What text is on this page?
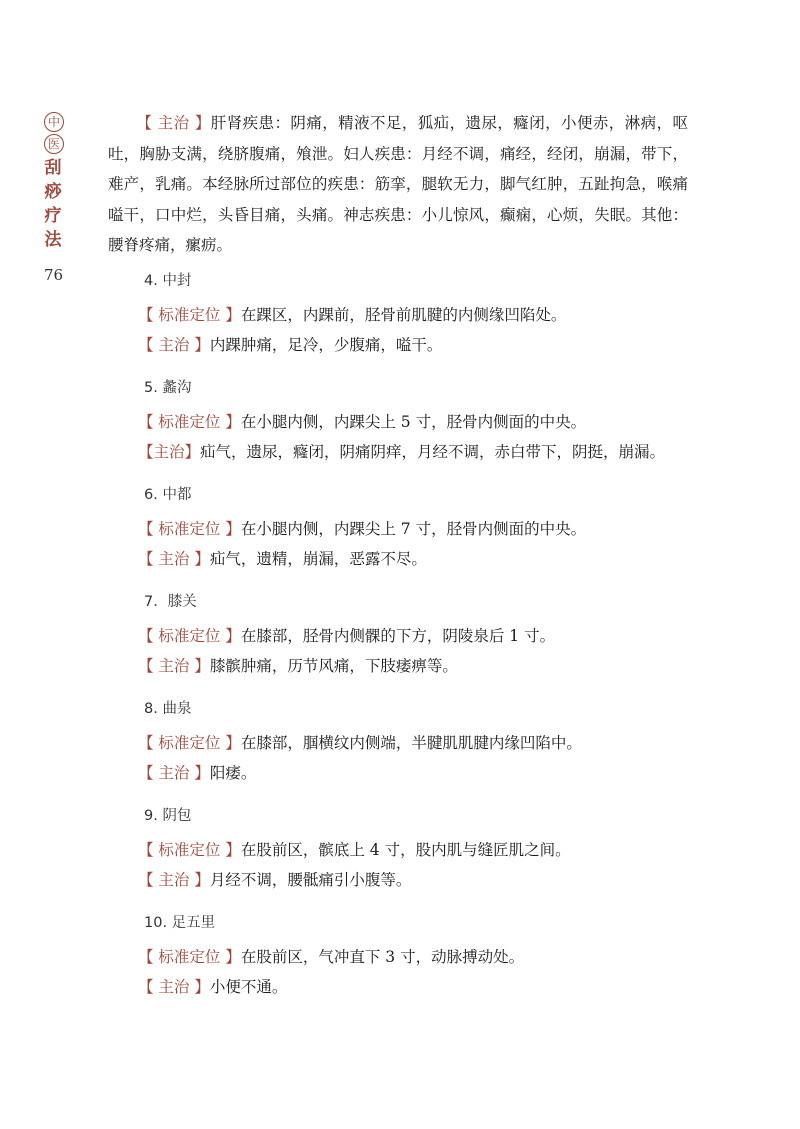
中
医
刮
痧
疗
法
76

【 主治 】肝肾疾患：阴痛，精液不足，狐疝，遗尿，癃闭，小便赤，淋病，呕吐，胸胁支满，绕脐腹痛，飧泄。妇人疾患：月经不调，痛经，经闭，崩漏，带下，难产，乳痛。本经脉所过部位的疾患：筋挛，腿软无力，脚气红肿，五趾拘急，喉痛嗌干，口中烂，头昏目痛，头痛。神志疾患：小儿惊风，癫痫，心烦，失眠。其他：腰脊疼痛，瘰疬。

4. 中封
【 标准定位 】在踝区，内踝前，胫骨前肌腱的内侧缘凹陷处。
【 主治 】内踝肿痛，足冷，少腹痛，嗌干。
5. 蠡沟
【 标准定位 】在小腿内侧，内踝尖上 5 寸，胫骨内侧面的中央。
【主治】疝气，遗尿，癃闭，阴痛阴痒，月经不调，赤白带下，阴挺，崩漏。
6. 中都
【 标准定位 】在小腿内侧，内踝尖上 7 寸，胫骨内侧面的中央。
【 主治 】疝气，遗精，崩漏，恶露不尽。
7．膝关
【 标准定位 】在膝部，胫骨内侧髁的下方，阴陵泉后 1 寸。
【 主治 】膝髌肿痛，历节风痛，下肢痿痹等。
8. 曲泉
【 标准定位 】在膝部，腘横纹内侧端，半腱肌肌腱内缘凹陷中。
【 主治 】阳痿。
9. 阴包
【 标准定位 】在股前区，髌底上 4 寸，股内肌与缝匠肌之间。
【 主治 】月经不调，腰骶痛引小腹等。
10. 足五里
【 标准定位 】在股前区，气冲直下 3 寸，动脉搏动处。
【 主治 】小便不通。
